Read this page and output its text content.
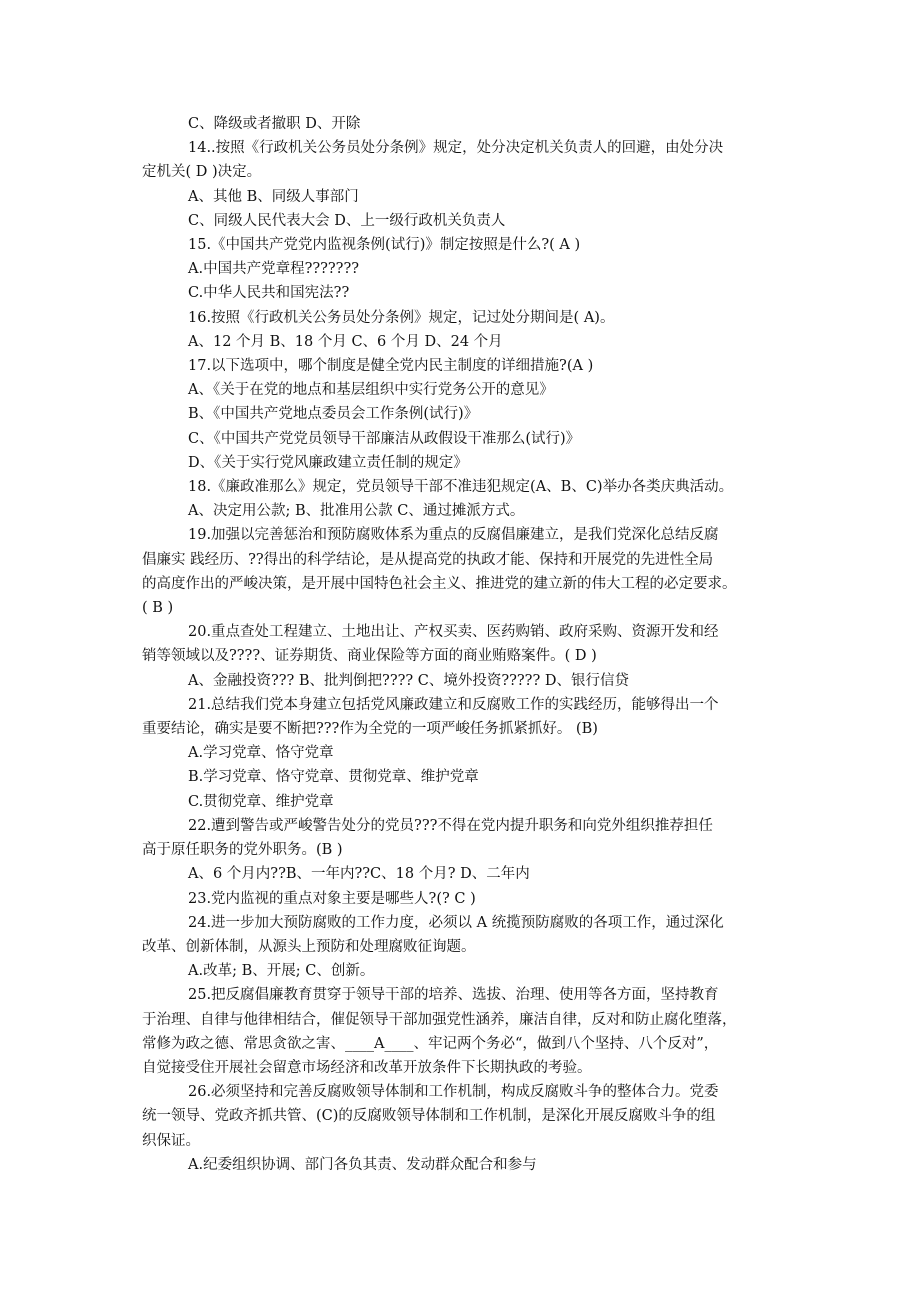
C、降级或者撤职 D、开除
14..按照《行政机关公务员处分条例》规定，处分决定机关负责人的回避，由处分决
定机关( D )决定。
A、其他 B、同级人事部门
C、同级人民代表大会 D、上一级行政机关负责人
15.《中国共产党党内监视条例(试行)》制定按照是什么?( A )
A.中国共产党章程???????
C.中华人民共和国宪法??
16.按照《行政机关公务员处分条例》规定，记过处分期间是( A)。
A、12 个月 B、18 个月 C、6 个月 D、24 个月
17.以下选项中，哪个制度是健全党内民主制度的详细措施?(A )
A、《关于在党的地点和基层组织中实行党务公开的意见》
B、《中国共产党地点委员会工作条例(试行)》
C、《中国共产党党员领导干部廉洁从政假设干准那么(试行)》
D、《关于实行党风廉政建立责任制的规定》
18.《廉政准那么》规定，党员领导干部不准违犯规定(A、B、C)举办各类庆典活动。
A、决定用公款; B、批准用公款 C、通过摊派方式。
19.加强以完善惩治和预防腐败体系为重点的反腐倡廉建立，是我们党深化总结反腐
倡廉实 践经历、??得出的科学结论，是从提高党的执政才能、保持和开展党的先进性全局
的高度作出的严峻决策，是开展中国特色社会主义、推进党的建立新的伟大工程的必定要求。
( B )
20.重点查处工程建立、土地出让、产权买卖、医药购销、政府采购、资源开发和经
销等领域以及????、证券期货、商业保险等方面的商业贿赂案件。( D )
A、金融投资??? B、批判倒把???? C、境外投资????? D、银行信贷
21.总结我们党本身建立包括党风廉政建立和反腐败工作的实践经历，能够得出一个
重要结论，确实是要不断把???作为全党的一项严峻任务抓紧抓好。 (B)
A.学习党章、恪守党章
B.学习党章、恪守党章、贯彻党章、维护党章
C.贯彻党章、维护党章
22.遭到警告或严峻警告处分的党员???不得在党内提升职务和向党外组织推荐担任
高于原任职务的党外职务。(B )
A、6 个月内??B、一年内??C、18 个月? D、二年内
23.党内监视的重点对象主要是哪些人?(? C )
24.进一步加大预防腐败的工作力度，必须以 A 统揽预防腐败的各项工作，通过深化
改革、创新体制，从源头上预防和处理腐败征询题。
A.改革; B、开展; C、创新。
25.把反腐倡廉教育贯穿于领导干部的培养、选拔、治理、使用等各方面，坚持教育
于治理、自律与他律相结合，催促领导干部加强党性涵养，廉洁自律，反对和防止腐化堕落，
常修为政之德、常思贪欲之害、____A____、牢记两个务必“，做到八个坚持、八个反对”，
自觉接受住开展社会留意市场经济和改革开放条件下长期执政的考验。
26.必须坚持和完善反腐败领导体制和工作机制，构成反腐败斗争的整体合力。党委
统一领导、党政齐抓共管、(C)的反腐败领导体制和工作机制，是深化开展反腐败斗争的组
织保证。
A.纪委组织协调、部门各负其责、发动群众配合和参与
